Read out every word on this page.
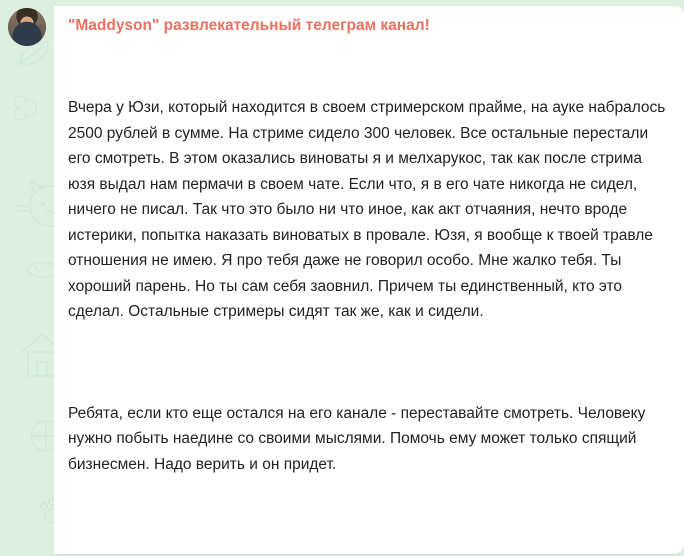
"Maddyson" развлекательный телеграм канал!

Вчера у Юзи, который находится в своем стримерском прайме, на ауке набралось 2500 рублей в сумме. На стриме сидело 300 человек. Все остальные перестали его смотреть. В этом оказались виноваты я и мелхарукос, так как после стрима юзя выдал нам пермачи в своем чате. Если что, я в его чате никогда не сидел, ничего не писал. Так что это было ни что иное, как акт отчаяния, нечто вроде истерики, попытка наказать виноватых в провале. Юзя, я вообще к твоей травле отношения не имею. Я про тебя даже не говорил особо. Мне жалко тебя. Ты хороший парень. Но ты сам себя заовнил. Причем ты единственный, кто это сделал. Остальные стримеры сидят так же, как и сидели.

Ребята, если кто еще остался на его канале - переставайте смотреть. Человеку нужно побыть наедине со своими мыслями. Помочь ему может только спящий бизнесмен. Надо верить и он придет.
